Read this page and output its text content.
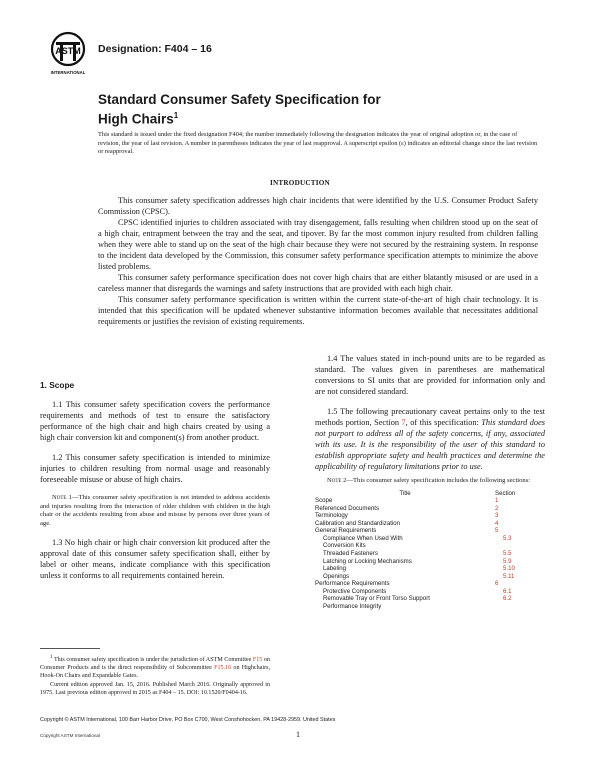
ASTM
INTERNATIONAL
Designation: F404 – 16
Standard Consumer Safety Specification for
High Chairs$^1$
This standard is issued under the fixed designation F404; the number immediately following the designation indicates the year of original adoption or, in the case of revision, the year of last revision. A number in parentheses indicates the year of last reapproval. A superscript epsilon (ε) indicates an editorial change since the last revision or reapproval.
INTRODUCTION

This consumer safety specification addresses high chair incidents that were identified by the U.S. Consumer Product Safety Commission (CPSC).

CPSC identified injuries to children associated with tray disengagement, falls resulting when children stood up on the seat of a high chair, entrapment between the tray and the seat, and tipover. By far the most common injury resulted from children falling when they were able to stand up on the seat of the high chair because they were not secured by the restraining system. In response to the incident data developed by the Commission, this consumer safety performance specification attempts to minimize the above listed problems.

This consumer safety performance specification does not cover high chairs that are either blatantly misused or are used in a careless manner that disregards the warnings and safety instructions that are provided with each high chair.

This consumer safety performance specification is written within the current state-of-the-art of high chair technology. It is intended that this specification will be updated whenever substantive information becomes available that necessitates additional requirements or justifies the revision of existing requirements.

1. Scope

1.1 This consumer safety specification covers the performance requirements and methods of test to ensure the satisfactory performance of the high chair and high chairs created by using a high chair conversion kit and component(s) from another product.

1.2 This consumer safety specification is intended to minimize injuries to children resulting from normal usage and reasonably foreseeable misuse or abuse of high chairs.

Note 1—This consumer safety specification is not intended to address accidents and injuries resulting from the interaction of older children with children in the high chair or the accidents resulting from abuse and misuse by persons over three years of age.

1.3 No high chair or high chair conversion kit produced after the approval date of this consumer safety specification shall, either by label or other means, indicate compliance with this specification unless it conforms to all requirements contained herein.

1.4 The values stated in inch-pound units are to be regarded as standard. The values given in parentheses are mathematical conversions to SI units that are provided for information only and are not considered standard.

1.5 The following precautionary caveat pertains only to the test methods portion, Section 7, of this specification: This standard does not purport to address all of the safety concerns, if any, associated with its use. It is the responsibility of the user of this standard to establish appropriate safety and health practices and determine the applicability of regulatory limitations prior to use.

Note 2—This consumer safety specification includes the following sections:

Title	Section
Scope	1
Referenced Documents	2
Terminology	3
Calibration and Standardization	4
General Requirements	5
Compliance When Used With	5.3
Conversion Kits
Threaded Fasteners	5.5
Latching or Locking Mechanisms	5.9
Labeling	5.10
Openings	5.11
Performance Requirements	6
Protective Components	6.1
Removable Tray or Front Torso Support	6.2
Performance Integrity

$^1$ This consumer safety specification is under the jurisdiction of ASTM Committee F15 on Consumer Products and is the direct responsibility of Subcommittee F15.16 on Highchairs, Hook-On Chairs and Expandable Gates.

Current edition approved Jan. 15, 2016. Published March 2016. Originally approved in 1975. Last previous edition approved in 2015 as F404 – 15. DOI: 10.1520/F0404-16.

Copyright © ASTM International, 100 Barr Harbor Drive, PO Box C700, West Conshohocken, PA 19428-2959. United States
Copyright ASTM International	1
